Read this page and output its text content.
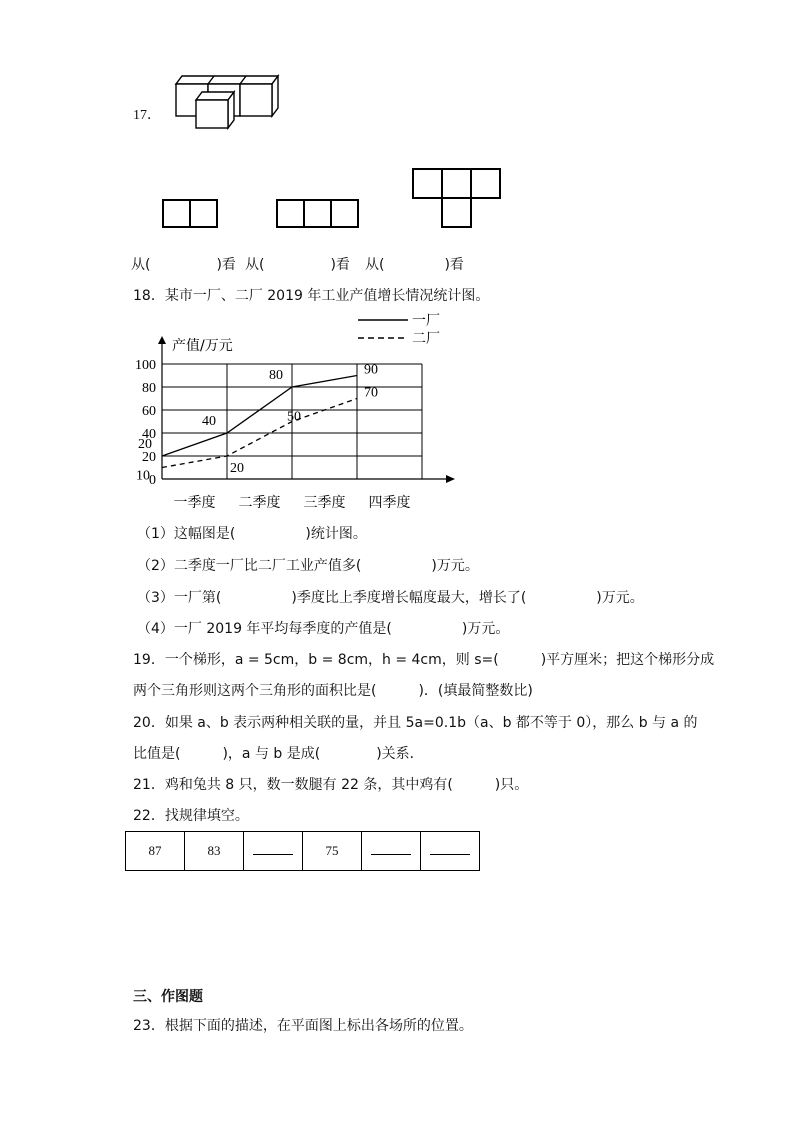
17．
从(	)看 从(	)看 从(	)看
18．某市一厂、二厂 2019 年工业产值增长情况统计图。
0
20
40
60
80
100
一季度 二季度 三季度 四季度
20
40
80	90
10	20
50
70
一厂
二厂
产值/万元
（1）这幅图是(　　　　　)统计图。
（2）二季度一厂比二厂工业产值多(　　　　　)万元。
（3）一厂第(　　　　　)季度比上季度增长幅度最大，增长了(　　　　　)万元。
（4）一厂 2019 年平均每季度的产值是(　　　　　)万元。
19．一个梯形，a = 5cm，b = 8cm，h = 4cm，则 s=(　　　)平方厘米；把这个梯形分成
两个三角形则这两个三角形的面积比是(　　　)．(填最简整数比)
20．如果 a、b 表示两种相关联的量，并且 5a=0.1b（a、b 都不等于 0），那么 b 与 a 的
比值是(　　　)，a 与 b 是成(　　　　)关系．
21．鸡和兔共 8 只，数一数腿有 22 条，其中鸡有(　　　)只。
22．找规律填空。
87	83		75		
三、作图题
23．根据下面的描述，在平面图上标出各场所的位置。
